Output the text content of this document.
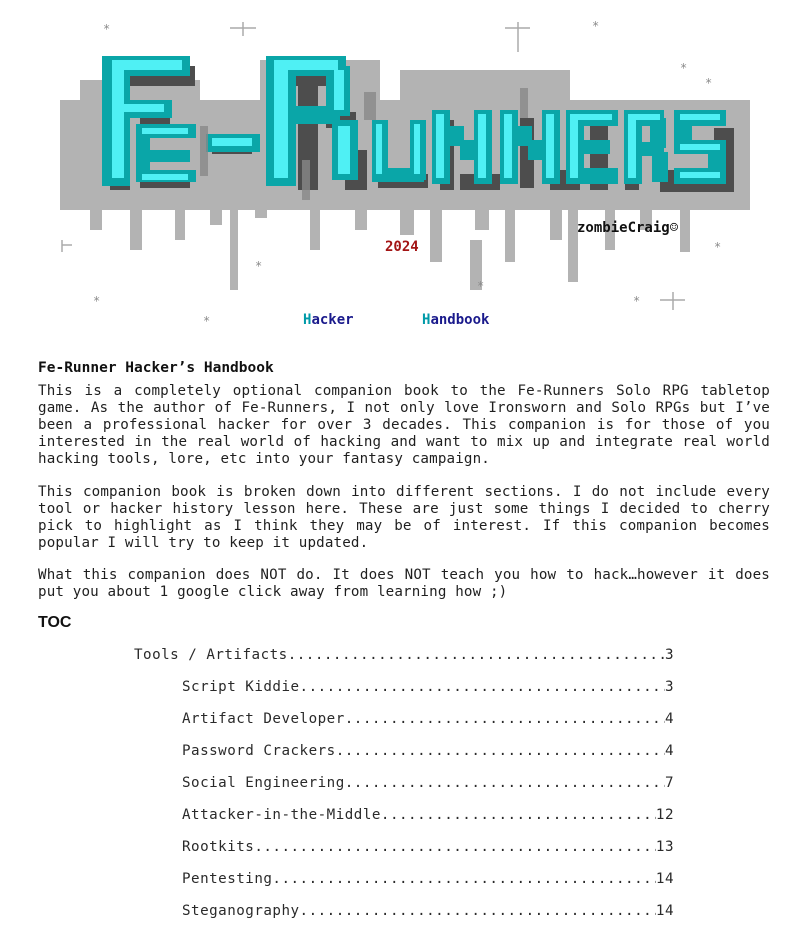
*
*
*
*
*
*
*
*
*
*
zombieCraig☺
2024
Hacker	Handbook
Fe-Runner Hacker’s Handbook

This is a completely optional companion book to the Fe-Runners Solo RPG tabletop game. As the author of Fe-Runners, I not only love Ironsworn and Solo RPGs but I’ve been a professional hacker for over 3 decades. This companion is for those of you interested in the real world of hacking and want to mix up and integrate real world hacking tools, lore, etc into your fantasy campaign.

This companion book is broken down into different sections. I do not include every tool or hacker history lesson here. These are just some things I decided to cherry pick to highlight as I think they may be of interest. If this companion becomes popular I will try to keep it updated.

What this companion does NOT do. It does NOT teach you how to hack…however it does put you about 1 google click away from learning how ;)

TOC
Tools / Artifacts .....	3
Script Kiddie .....	3
Artifact Developer .....	4
Password Crackers .....	4
Social Engineering .....	7
Attacker-in-the-Middle .....	12
Rootkits .....	13
Pentesting .....	14
Steganography .....	14
